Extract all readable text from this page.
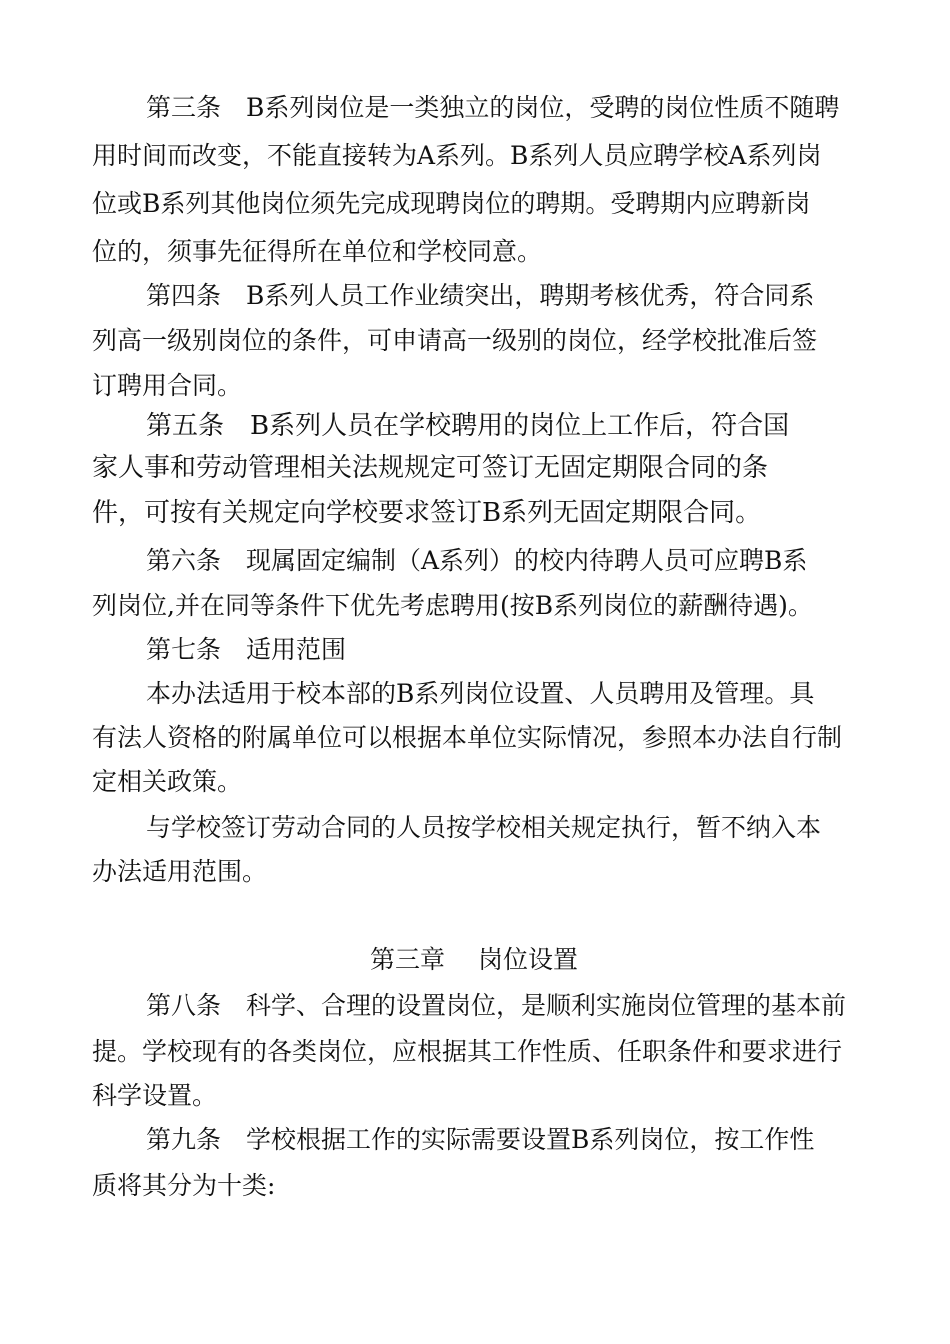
第三条　B系列岗位是一类独立的岗位，受聘的岗位性质不随聘
用时间而改变，不能直接转为A系列。B系列人员应聘学校A系列岗
位或B系列其他岗位须先完成现聘岗位的聘期。受聘期内应聘新岗
位的，须事先征得所在单位和学校同意。
第四条　B系列人员工作业绩突出，聘期考核优秀，符合同系
列高一级别岗位的条件，可申请高一级别的岗位，经学校批准后签
订聘用合同。
第五条　B系列人员在学校聘用的岗位上工作后，符合国
家人事和劳动管理相关法规规定可签订无固定期限合同的条
件，可按有关规定向学校要求签订B系列无固定期限合同。
第六条　现属固定编制（A系列）的校内待聘人员可应聘B系
列岗位,并在同等条件下优先考虑聘用(按B系列岗位的薪酬待遇)。
第七条　适用范围
本办法适用于校本部的B系列岗位设置、人员聘用及管理。具
有法人资格的附属单位可以根据本单位实际情况，参照本办法自行制
定相关政策。
与学校签订劳动合同的人员按学校相关规定执行，暂不纳入本
办法适用范围。
第三章　 岗位设置
第八条　科学、合理的设置岗位，是顺利实施岗位管理的基本前
提。学校现有的各类岗位，应根据其工作性质、任职条件和要求进行
科学设置。
第九条　学校根据工作的实际需要设置B系列岗位，按工作性
质将其分为十类:
